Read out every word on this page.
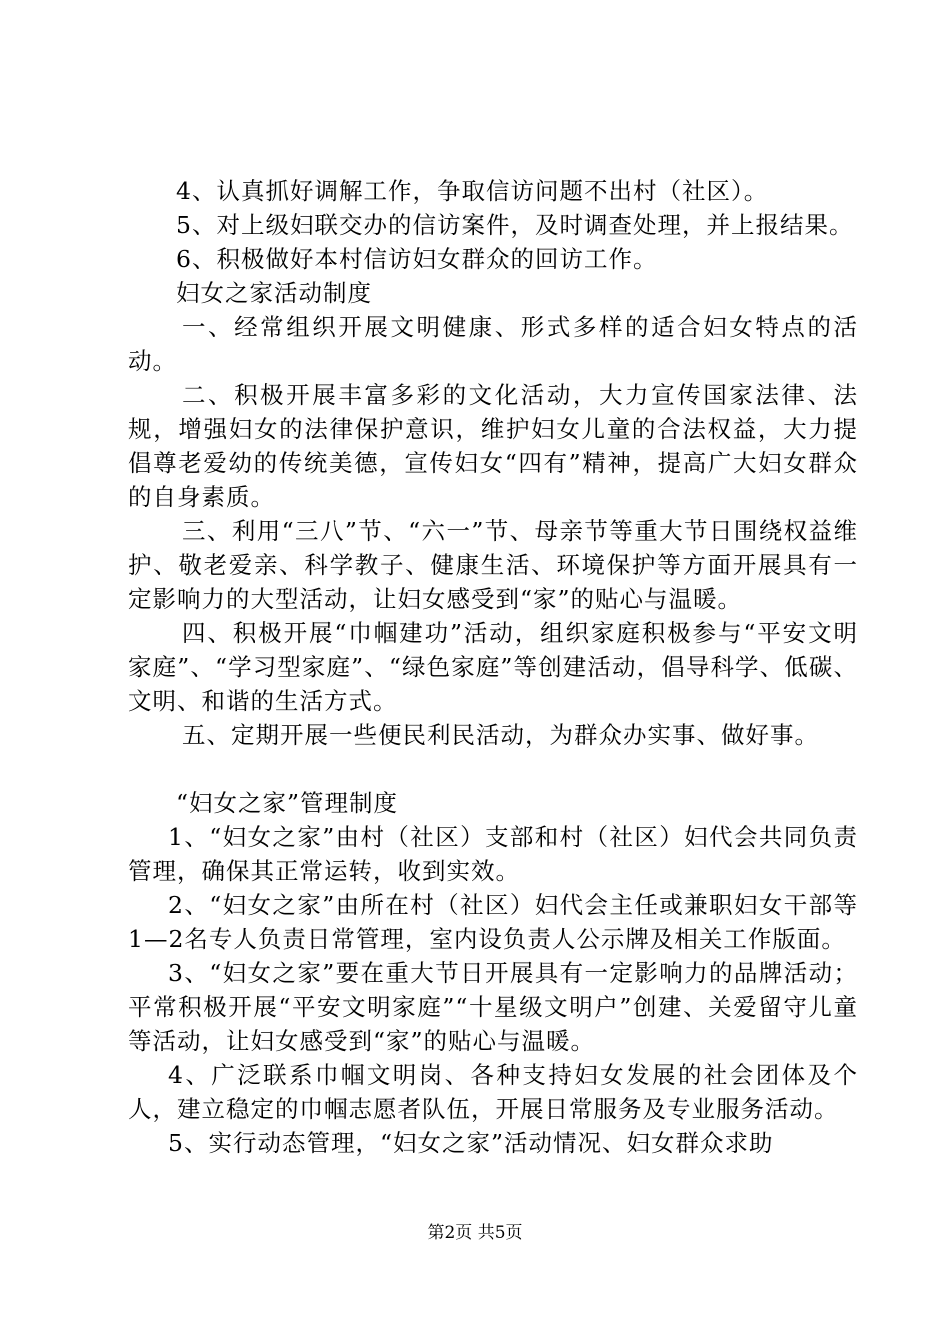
4、认真抓好调解工作，争取信访问题不出村（社区）。

5、对上级妇联交办的信访案件，及时调查处理，并上报结果。

6、积极做好本村信访妇女群众的回访工作。

妇女之家活动制度

一、经常组织开展文明健康、形式多样的适合妇女特点的活动。

二、积极开展丰富多彩的文化活动，大力宣传国家法律、法规，增强妇女的法律保护意识，维护妇女儿童的合法权益，大力提倡尊老爱幼的传统美德，宣传妇女“四有”精神，提高广大妇女群众的自身素质。

三、利用“三八”节、“六一”节、母亲节等重大节日围绕权益维护、敬老爱亲、科学教子、健康生活、环境保护等方面开展具有一定影响力的大型活动，让妇女感受到“家”的贴心与温暖。

四、积极开展“巾帼建功”活动，组织家庭积极参与“平安文明家庭”、“学习型家庭”、“绿色家庭”等创建活动，倡导科学、低碳、文明、和谐的生活方式。

五、定期开展一些便民利民活动，为群众办实事、做好事。

“妇女之家”管理制度

1、“妇女之家”由村（社区）支部和村（社区）妇代会共同负责管理，确保其正常运转，收到实效。

2、“妇女之家”由所在村（社区）妇代会主任或兼职妇女干部等1—2名专人负责日常管理，室内设负责人公示牌及相关工作版面。

3、“妇女之家”要在重大节日开展具有一定影响力的品牌活动；平常积极开展“平安文明家庭”“十星级文明户”创建、关爱留守儿童等活动，让妇女感受到“家”的贴心与温暖。

4、广泛联系巾帼文明岗、各种支持妇女发展的社会团体及个人，建立稳定的巾帼志愿者队伍，开展日常服务及专业服务活动。

5、实行动态管理，“妇女之家”活动情况、妇女群众求助

第2页 共5页
